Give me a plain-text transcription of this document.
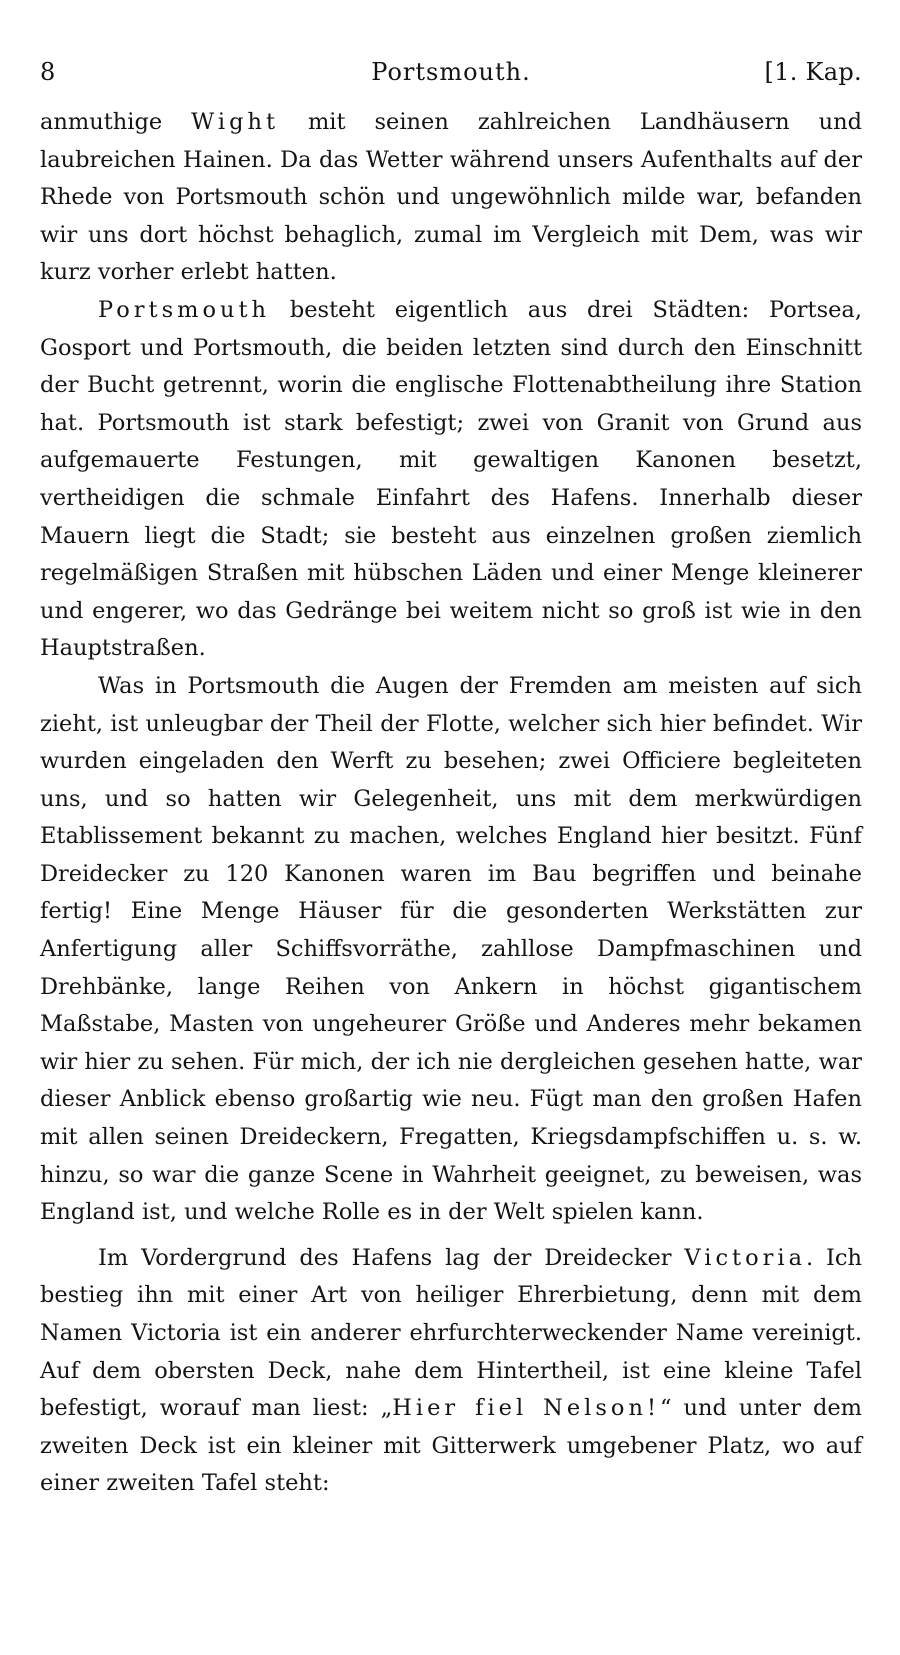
8	Portsmouth.	[1. Kap.

anmuthige Wight mit seinen zahlreichen Landhäusern und laubreichen Hainen. Da das Wetter während unsers Aufenthalts auf der Rhede von Portsmouth schön und ungewöhnlich milde war, befanden wir uns dort höchst behaglich, zumal im Vergleich mit Dem, was wir kurz vorher erlebt hatten.

Portsmouth besteht eigentlich aus drei Städten: Portsea, Gosport und Portsmouth, die beiden letzten sind durch den Einschnitt der Bucht getrennt, worin die englische Flottenabtheilung ihre Station hat. Portsmouth ist stark befestigt; zwei von Granit von Grund aus aufgemauerte Festungen, mit gewaltigen Kanonen besetzt, vertheidigen die schmale Einfahrt des Hafens. Innerhalb dieser Mauern liegt die Stadt; sie besteht aus einzelnen großen ziemlich regelmäßigen Straßen mit hübschen Läden und einer Menge kleinerer und engerer, wo das Gedränge bei weitem nicht so groß ist wie in den Hauptstraßen.

Was in Portsmouth die Augen der Fremden am meisten auf sich zieht, ist unleugbar der Theil der Flotte, welcher sich hier befindet. Wir wurden eingeladen den Werft zu besehen; zwei Officiere begleiteten uns, und so hatten wir Gelegenheit, uns mit dem merkwürdigen Etablissement bekannt zu machen, welches England hier besitzt. Fünf Dreidecker zu 120 Kanonen waren im Bau begriffen und beinahe fertig! Eine Menge Häuser für die gesonderten Werkstätten zur Anfertigung aller Schiffsvorräthe, zahllose Dampfmaschinen und Drehbänke, lange Reihen von Ankern in höchst gigantischem Maßstabe, Masten von ungeheurer Größe und Anderes mehr bekamen wir hier zu sehen. Für mich, der ich nie dergleichen gesehen hatte, war dieser Anblick ebenso großartig wie neu. Fügt man den großen Hafen mit allen seinen Dreideckern, Fregatten, Kriegsdampfschiffen u. s. w. hinzu, so war die ganze Scene in Wahrheit geeignet, zu beweisen, was England ist, und welche Rolle es in der Welt spielen kann.

Im Vordergrund des Hafens lag der Dreidecker Victoria. Ich bestieg ihn mit einer Art von heiliger Ehrerbietung, denn mit dem Namen Victoria ist ein anderer ehrfurchterweckender Name vereinigt. Auf dem obersten Deck, nahe dem Hintertheil, ist eine kleine Tafel befestigt, worauf man liest: „Hier fiel Nelson!“ und unter dem zweiten Deck ist ein kleiner mit Gitterwerk umgebener Platz, wo auf einer zweiten Tafel steht:
